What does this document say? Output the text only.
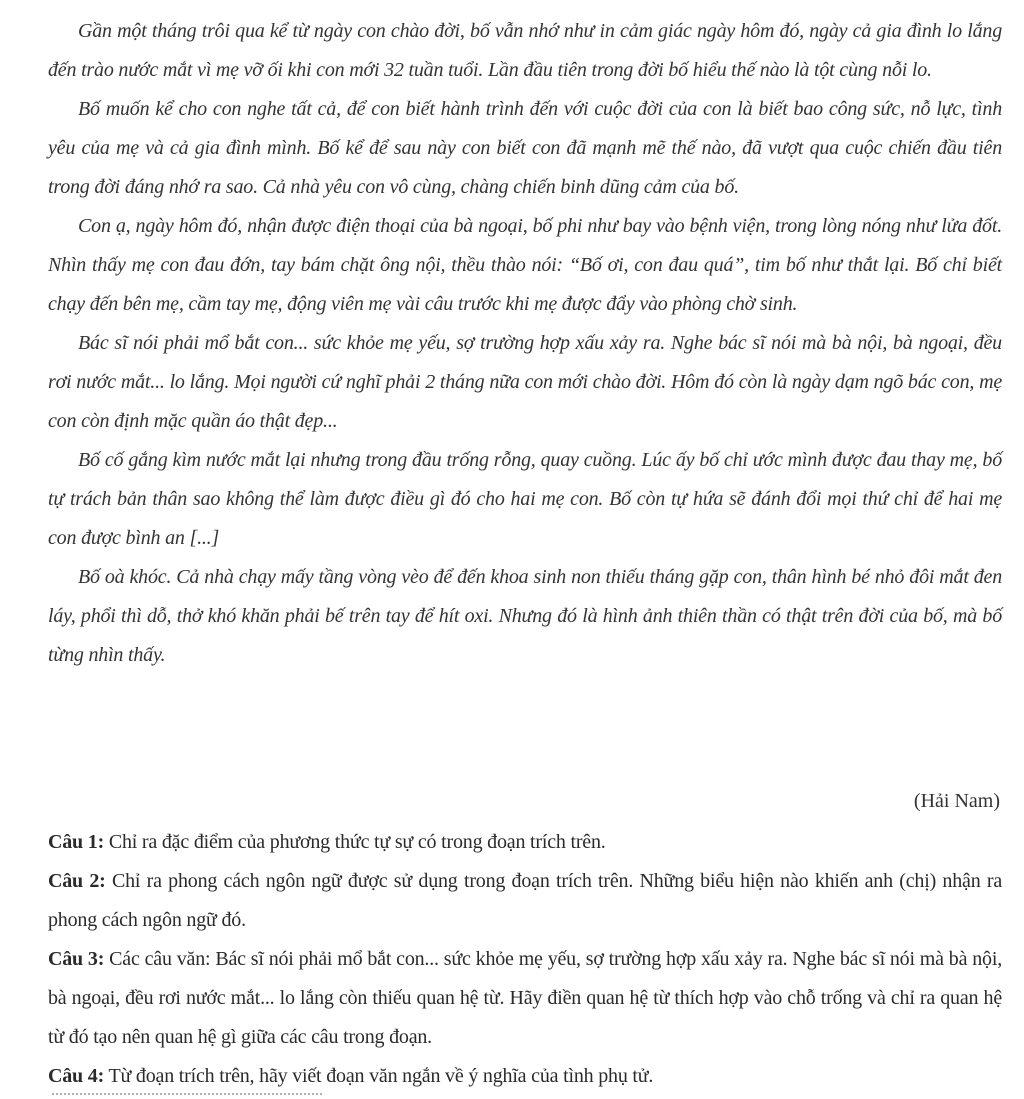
Gần một tháng trôi qua kể từ ngày con chào đời, bố vẫn nhớ như in cảm giác ngày hôm đó, ngày cả gia đình lo lắng đến trào nước mắt vì mẹ vỡ ối khi con mới 32 tuần tuổi. Lần đầu tiên trong đời bố hiểu thế nào là tột cùng nỗi lo.

Bố muốn kể cho con nghe tất cả, để con biết hành trình đến với cuộc đời của con là biết bao công sức, nỗ lực, tình yêu của mẹ và cả gia đình mình. Bố kể để sau này con biết con đã mạnh mẽ thế nào, đã vượt qua cuộc chiến đầu tiên trong đời đáng nhớ ra sao. Cả nhà yêu con vô cùng, chàng chiến binh dũng cảm của bố.

Con ạ, ngày hôm đó, nhận được điện thoại của bà ngoại, bố phi như bay vào bệnh viện, trong lòng nóng như lửa đốt. Nhìn thấy mẹ con đau đớn, tay bám chặt ông nội, thều thào nói: “Bố ơi, con đau quá”, tim bố như thắt lại. Bố chỉ biết chạy đến bên mẹ, cầm tay mẹ, động viên mẹ vài câu trước khi mẹ được đẩy vào phòng chờ sinh.

Bác sĩ nói phải mổ bắt con... sức khỏe mẹ yếu, sợ trường hợp xấu xảy ra. Nghe bác sĩ nói mà bà nội, bà ngoại, đều rơi nước mắt... lo lắng. Mọi người cứ nghĩ phải 2 tháng nữa con mới chào đời. Hôm đó còn là ngày dạm ngõ bác con, mẹ con còn định mặc quần áo thật đẹp...

Bố cố gắng kìm nước mắt lại nhưng trong đầu trống rỗng, quay cuồng. Lúc ấy bố chỉ ước mình được đau thay mẹ, bố tự trách bản thân sao không thể làm được điều gì đó cho hai mẹ con. Bố còn tự hứa sẽ đánh đổi mọi thứ chỉ để hai mẹ con được bình an [...]

Bố oà khóc. Cả nhà chạy mấy tầng vòng vèo để đến khoa sinh non thiếu tháng gặp con, thân hình bé nhỏ đôi mắt đen láy, phổi thì dỗ, thở khó khăn phải bế trên tay để hít oxi. Nhưng đó là hình ảnh thiên thần có thật trên đời của bố, mà bố từng nhìn thấy.

(Hải Nam)

Câu 1: Chỉ ra đặc điểm của phương thức tự sự có trong đoạn trích trên.

Câu 2: Chỉ ra phong cách ngôn ngữ được sử dụng trong đoạn trích trên. Những biểu hiện nào khiến anh (chị) nhận ra phong cách ngôn ngữ đó.

Câu 3: Các câu văn: Bác sĩ nói phải mổ bắt con... sức khỏe mẹ yếu, sợ trường hợp xấu xảy ra. Nghe bác sĩ nói mà bà nội, bà ngoại, đều rơi nước mắt... lo lắng còn thiếu quan hệ từ. Hãy điền quan hệ từ thích hợp vào chỗ trống và chỉ ra quan hệ từ đó tạo nên quan hệ gì giữa các câu trong đoạn.

Câu 4: Từ đoạn trích trên, hãy viết đoạn văn ngắn về ý nghĩa của tình phụ tử.
